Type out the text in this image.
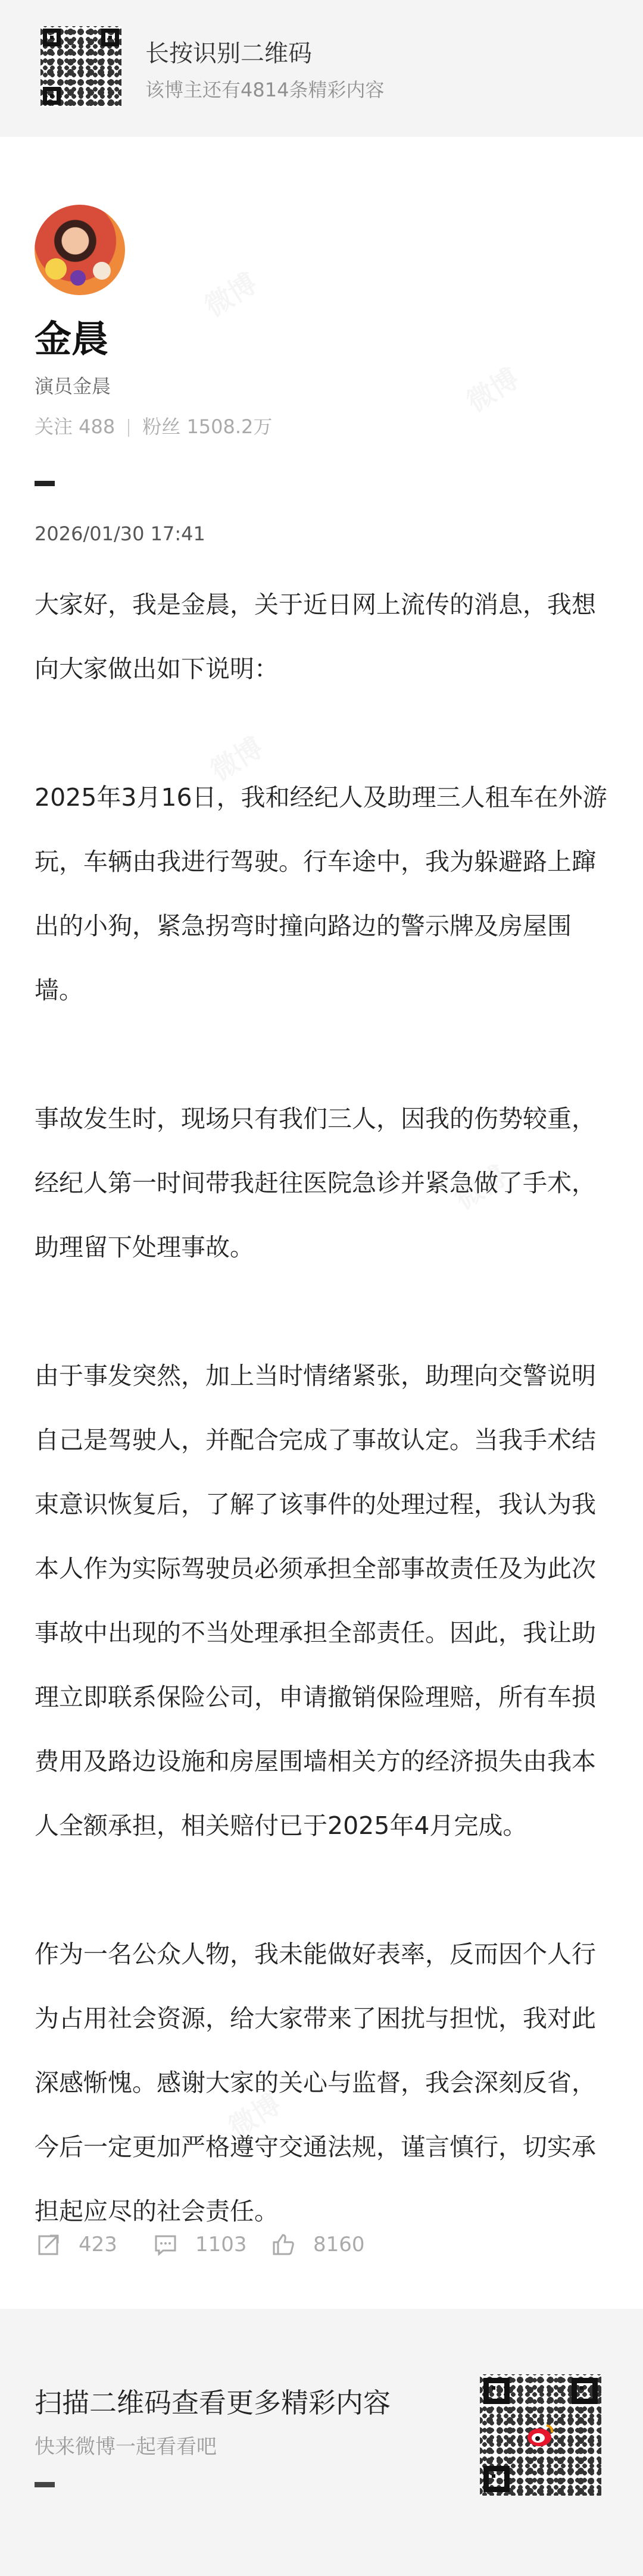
长按识别二维码
该博主还有4814条精彩内容
金晨
演员金晨
关注 488 粉丝 1508.2万
2026/01/30 17:41

大家好，我是金晨，关于近日网上流传的消息，我想向大家做出如下说明：

2025年3月16日，我和经纪人及助理三人租车在外游玩，车辆由我进行驾驶。行车途中，我为躲避路上蹿出的小狗，紧急拐弯时撞向路边的警示牌及房屋围墙。

事故发生时，现场只有我们三人，因我的伤势较重，经纪人第一时间带我赶往医院急诊并紧急做了手术，助理留下处理事故。

由于事发突然，加上当时情绪紧张，助理向交警说明自己是驾驶人，并配合完成了事故认定。当我手术结束意识恢复后，了解了该事件的处理过程，我认为我本人作为实际驾驶员必须承担全部事故责任及为此次事故中出现的不当处理承担全部责任。因此，我让助理立即联系保险公司，申请撤销保险理赔，所有车损费用及路边设施和房屋围墙相关方的经济损失由我本人全额承担，相关赔付已于2025年4月完成。

作为一名公众人物，我未能做好表率，反而因个人行为占用社会资源，给大家带来了困扰与担忧，我对此深感惭愧。感谢大家的关心与监督，我会深刻反省，今后一定更加严格遵守交通法规，谨言慎行，切实承担起应尽的社会责任。

423	1103	8160
扫描二维码查看更多精彩内容
快来微博一起看看吧
